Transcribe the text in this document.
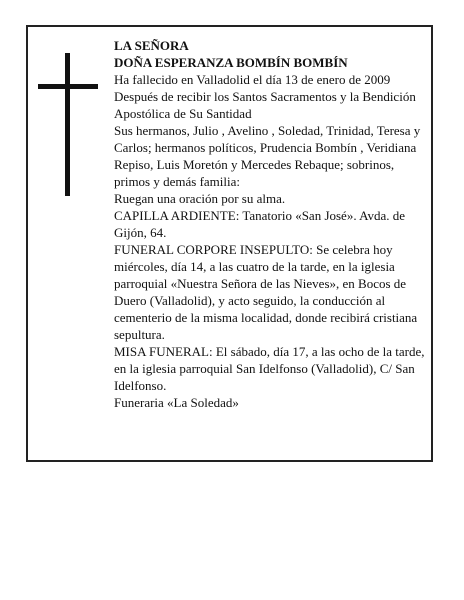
LA SEÑORA
DOÑA ESPERANZA BOMBÍN BOMBÍN
Ha fallecido en Valladolid el día 13 de enero de 2009
Después de recibir los Santos Sacramentos y la Bendición Apostólica de Su Santidad
Sus hermanos, Julio , Avelino , Soledad, Trinidad, Teresa y Carlos; hermanos políticos, Prudencia Bombín , Veridiana Repiso, Luis Moretón y Mercedes Rebaque; sobrinos, primos y demás familia:
Ruegan una oración por su alma.
CAPILLA ARDIENTE: Tanatorio «San José». Avda. de Gijón, 64.
FUNERAL CORPORE INSEPULTO: Se celebra hoy miércoles, día 14, a las cuatro de la tarde, en la iglesia parroquial «Nuestra Señora de las Nieves», en Bocos de Duero (Valladolid), y acto seguido, la conducción al cementerio de la misma localidad, donde recibirá cristiana sepultura.
MISA FUNERAL: El sábado, día 17, a las ocho de la tarde, en la iglesia parroquial San Idelfonso (Valladolid), C/ San Idelfonso.
Funeraria «La Soledad»
